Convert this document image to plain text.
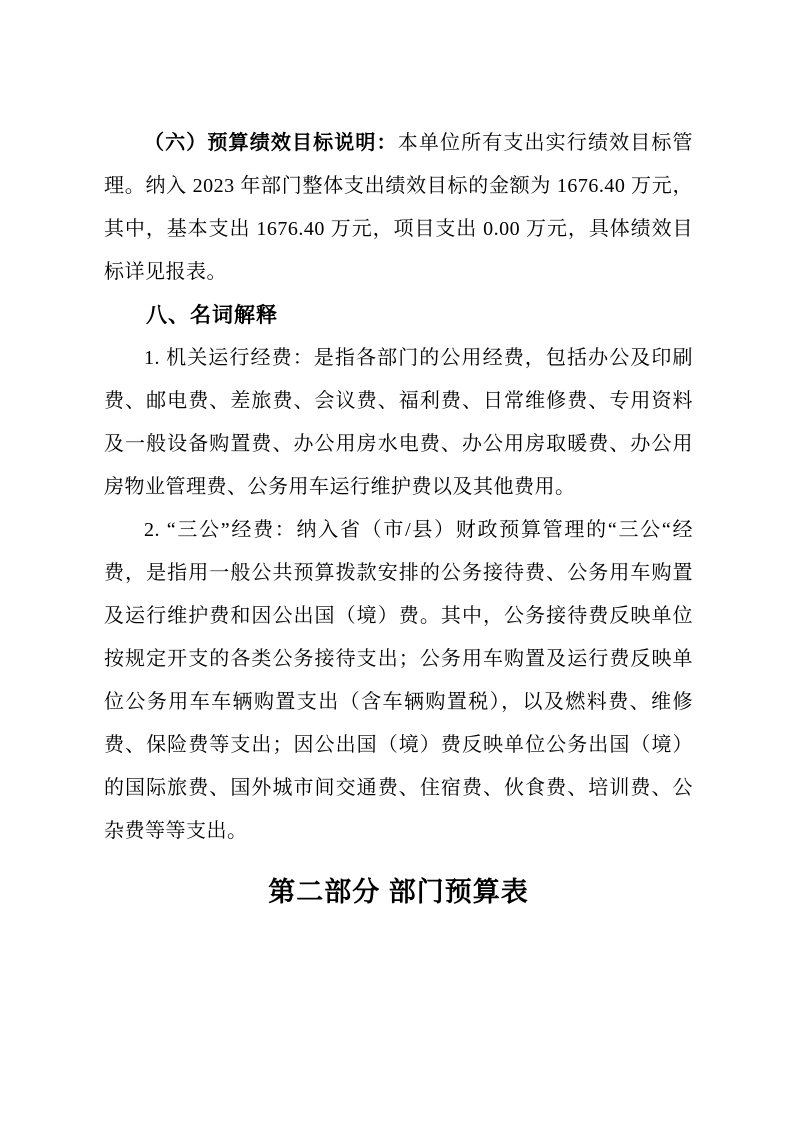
（六）预算绩效目标说明：本单位所有支出实行绩效目标管理。纳入 2023 年部门整体支出绩效目标的金额为 1676.40 万元，其中，基本支出 1676.40 万元，项目支出 0.00 万元，具体绩效目标详见报表。

八、名词解释

1. 机关运行经费：是指各部门的公用经费，包括办公及印刷费、邮电费、差旅费、会议费、福利费、日常维修费、专用资料及一般设备购置费、办公用房水电费、办公用房取暖费、办公用房物业管理费、公务用车运行维护费以及其他费用。

2. “三公”经费：纳入省（市/县）财政预算管理的“三公“经费，是指用一般公共预算拨款安排的公务接待费、公务用车购置及运行维护费和因公出国（境）费。其中，公务接待费反映单位按规定开支的各类公务接待支出；公务用车购置及运行费反映单位公务用车车辆购置支出（含车辆购置税），以及燃料费、维修费、保险费等支出；因公出国（境）费反映单位公务出国（境）的国际旅费、国外城市间交通费、住宿费、伙食费、培训费、公杂费等等支出。

第二部分 部门预算表
